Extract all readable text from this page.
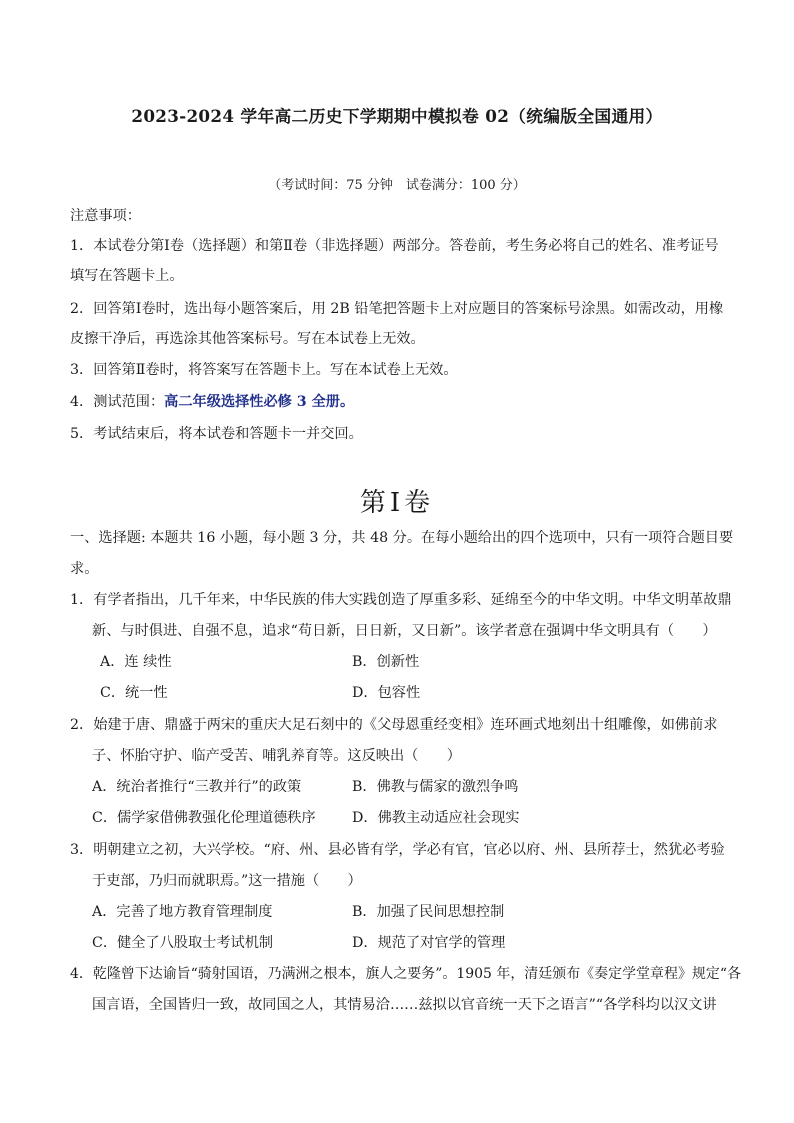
2023-2024 学年高二历史下学期期中模拟卷 02（统编版全国通用）
（考试时间：75 分钟　试卷满分：100 分）
注意事项：
1．本试卷分第Ⅰ卷（选择题）和第Ⅱ卷（非选择题）两部分。答卷前，考生务必将自己的姓名、准考证号
填写在答题卡上。
2．回答第Ⅰ卷时，选出每小题答案后，用 2B 铅笔把答题卡上对应题目的答案标号涂黑。如需改动，用橡
皮擦干净后，再选涂其他答案标号。写在本试卷上无效。
3．回答第Ⅱ卷时，将答案写在答题卡上。写在本试卷上无效。
4．测试范围：高二年级选择性必修 3 全册。
5．考试结束后，将本试卷和答题卡一并交回。
第Ⅰ卷
一、选择题: 本题共 16 小题，每小题 3 分，共 48 分。在每小题给出的四个选项中，只有一项符合题目要
求。
1．有学者指出，几千年来，中华民族的伟大实践创造了厚重多彩、延绵至今的中华文明。中华文明革故鼎
新、与时俱进、自强不息，追求“苟日新，日日新，又日新”。该学者意在强调中华文明具有（　　）
A．连 续性	B．创新性
C．统一性	D．包容性
2．始建于唐、鼎盛于两宋的重庆大足石刻中的《父母恩重经变相》连环画式地刻出十组雕像，如佛前求
子、怀胎守护、临产受苦、哺乳养育等。这反映出（　　）
A．统治者推行“三教并行”的政策	B．佛教与儒家的激烈争鸣
C．儒学家借佛教强化伦理道德秩序	D．佛教主动适应社会现实
3．明朝建立之初，大兴学校。“府、州、县必皆有学，学必有官，官必以府、州、县所荐士，然犹必考验
于吏部，乃归而就职焉。”这一措施（　　）
A．完善了地方教育管理制度	B．加强了民间思想控制
C．健全了八股取士考试机制	D．规范了对官学的管理
4．乾隆曾下达谕旨“骑射国语，乃满洲之根本，旗人之要务”。1905 年，清廷颁布《奏定学堂章程》规定“各
国言语，全国皆归一致，故同国之人，其情易洽……兹拟以官音统一天下之语言”“各学科均以汉文讲
